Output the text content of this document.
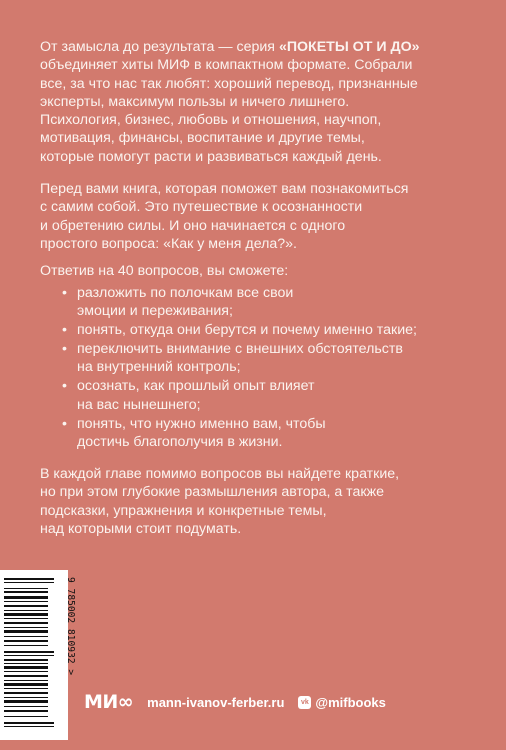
От замысла до результата — серия «ПОКЕТЫ ОТ И ДО»
объединяет хиты МИФ в компактном формате. Собрали
все, за что нас так любят: хороший перевод, признанные
эксперты, максимум пользы и ничего лишнего.
Психология, бизнес, любовь и отношения, научпоп,
мотивация, финансы, воспитание и другие темы,
которые помогут расти и развиваться каждый день.

Перед вами книга, которая поможет вам познакомиться
с самим собой. Это путешествие к осознанности
и обретению силы. И оно начинается с одного
простого вопроса: «Как у меня дела?».

Ответив на 40 вопросов, вы сможете:

• разложить по полочкам все свои
эмоции и переживания;
• понять, откуда они берутся и почему именно такие;
• переключить внимание с внешних обстоятельств
на внутренний контроль;
• осознать, как прошлый опыт влияет
на вас нынешнего;
• понять, что нужно именно вам, чтобы
достичь благополучия в жизни.

В каждой главе помимо вопросов вы найдете краткие,
но при этом глубокие размышления автора, а также
подсказки, упражнения и конкретные темы,
над которыми стоит подумать.

9 785002 810932 >
МИ∞ mann-ivanov-ferber.ru	vk @mifbooks
